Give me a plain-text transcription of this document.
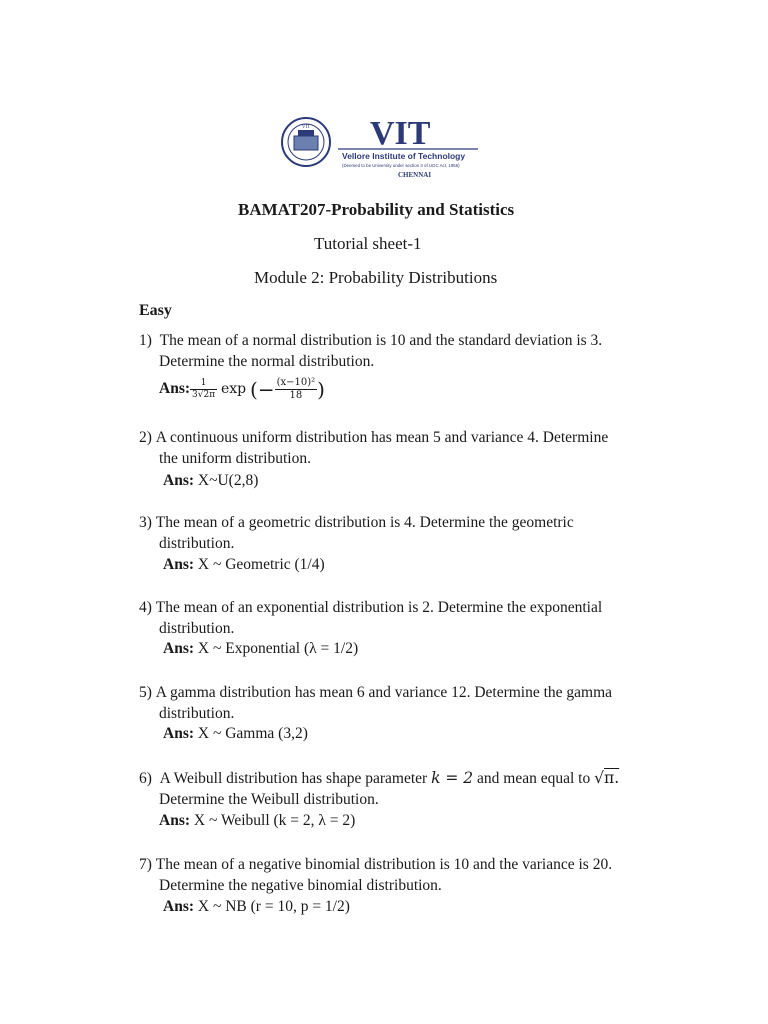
VIT VIT
Vellore Institute of Technology
(Deemed to be University under section 3 of UGC Act, 1956)
CHENNAI
BAMAT207-Probability and Statistics
Tutorial sheet-1
Module 2: Probability Distributions
Easy
1) The mean of a normal distribution is 10 and the standard deviation is 3.
Determine the normal distribution.
Ans: $\frac{1}{3√2\pi}$ exp (− $\frac{\text{(x−10)²}}{18}$ )
2) A continuous uniform distribution has mean 5 and variance 4. Determine
the uniform distribution.
Ans: X~U(2,8)
3) The mean of a geometric distribution is 4. Determine the geometric
distribution.
Ans: X ~ Geometric (1/4)
4) The mean of an exponential distribution is 2. Determine the exponential
distribution.
Ans: X ~ Exponential (λ = 1/2)
5) A gamma distribution has mean 6 and variance 12. Determine the gamma
distribution.
Ans: X ~ Gamma (3,2)
6) A Weibull distribution has shape parameter k = 2 and mean equal to √π.
Determine the Weibull distribution.
Ans: X ~ Weibull (k = 2, λ = 2)
7) The mean of a negative binomial distribution is 10 and the variance is 20.
Determine the negative binomial distribution.
Ans: X ~ NB (r = 10, p = 1/2)
